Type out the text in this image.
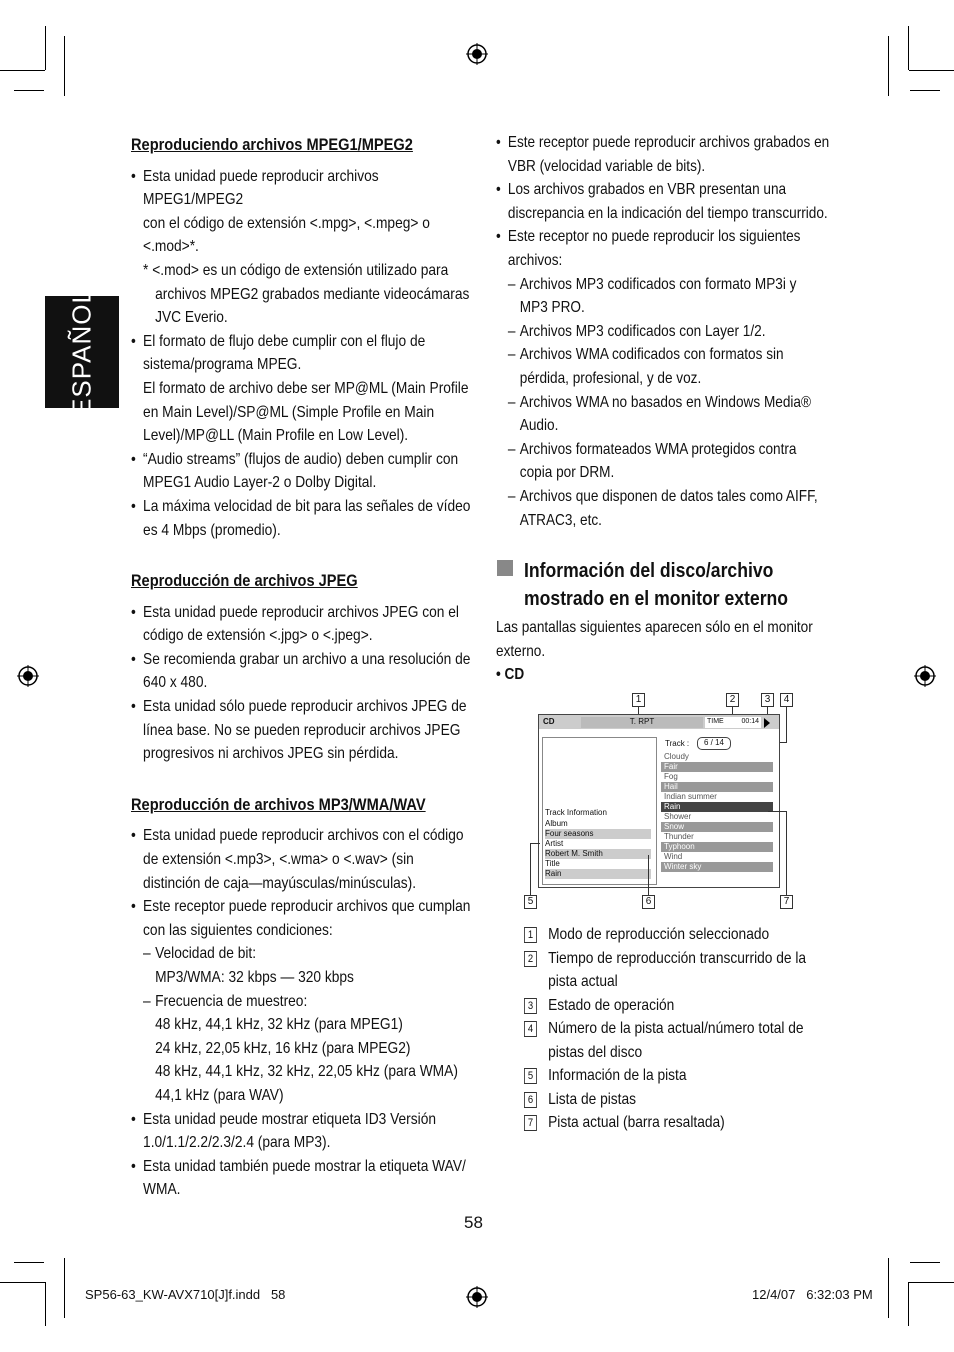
ESPAÑOL
Reproduciendo archivos MPEG1/MPEG2
• Esta unidad puede reproducir archivos MPEG1/MPEG2
con el código de extensión <.mpg>, <.mpeg> o
<.mod>*.
* <.mod> es un código de extensión utilizado para
archivos MPEG2 grabados mediante videocámaras
JVC Everio.
• El formato de flujo debe cumplir con el flujo de
sistema/programa MPEG.
El formato de archivo debe ser MP@ML (Main Profile
en Main Level)/SP@ML (Simple Profile en Main
Level)/MP@LL (Main Profile en Low Level).
• “Audio streams” (flujos de audio) deben cumplir con
MPEG1 Audio Layer-2 o Dolby Digital.
• La máxima velocidad de bit para las señales de vídeo
es 4 Mbps (promedio).
Reproducción de archivos JPEG
• Esta unidad puede reproducir archivos JPEG con el
código de extensión <.jpg> o <.jpeg>.
• Se recomienda grabar un archivo a una resolución de
640 x 480.
• Esta unidad sólo puede reproducir archivos JPEG de
línea base. No se pueden reproducir archivos JPEG
progresivos ni archivos JPEG sin pérdida.
Reproducción de archivos MP3/WMA/WAV
• Esta unidad puede reproducir archivos con el código
de extensión <.mp3>, <.wma> o <.wav> (sin
distinción de caja—mayúsculas/minúsculas).
• Este receptor puede reproducir archivos que cumplan
con las siguientes condiciones:
– Velocidad de bit:
MP3/WMA: 32 kbps — 320 kbps
– Frecuencia de muestreo:
48 kHz, 44,1 kHz, 32 kHz (para MPEG1)
24 kHz, 22,05 kHz, 16 kHz (para MPEG2)
48 kHz, 44,1 kHz, 32 kHz, 22,05 kHz (para WMA)
44,1 kHz (para WAV)
• Esta unidad peude mostrar etiqueta ID3 Versión
1.0/1.1/2.2/2.3/2.4 (para MP3).
• Esta unidad también puede mostrar la etiqueta WAV/
WMA.
• Este receptor puede reproducir archivos grabados en
VBR (velocidad variable de bits).
• Los archivos grabados en VBR presentan una
discrepancia en la indicación del tiempo transcurrido.
• Este receptor no puede reproducir los siguientes
archivos:
– Archivos MP3 codificados con formato MP3i y
MP3 PRO.
– Archivos MP3 codificados con Layer 1/2.
– Archivos WMA codificados con formatos sin
pérdida, profesional, y de voz.
– Archivos WMA no basados en Windows Media®
Audio.
– Archivos formateados WMA protegidos contra
copia por DRM.
– Archivos que disponen de datos tales como AIFF,
ATRAC3, etc.
Información del disco/archivo
mostrado en el monitor externo
Las pantallas siguientes aparecen sólo en el monitor
externo.
• CD
1	2	3	4
CD	T. RPT	TIME	00:14
Track Information
Album
Four seasons
Artist
Robert M. Smith
Title
Rain
Track :	6 / 14
Cloudy
Fair
Fog
Hail
Indian summer
Rain
Shower
Snow
Thunder
Typhoon
Wind
Winter sky
5	6	7
1 Modo de reproducción seleccionado
2 Tiempo de reproducción transcurrido de la
pista actual
3 Estado de operación
4 Número de la pista actual/número total de
pistas del disco
5 Información de la pista
6 Lista de pistas
7 Pista actual (barra resaltada)
58
SP56-63_KW-AVX710[J]f.indd   58	12/4/07   6:32:03 PM
